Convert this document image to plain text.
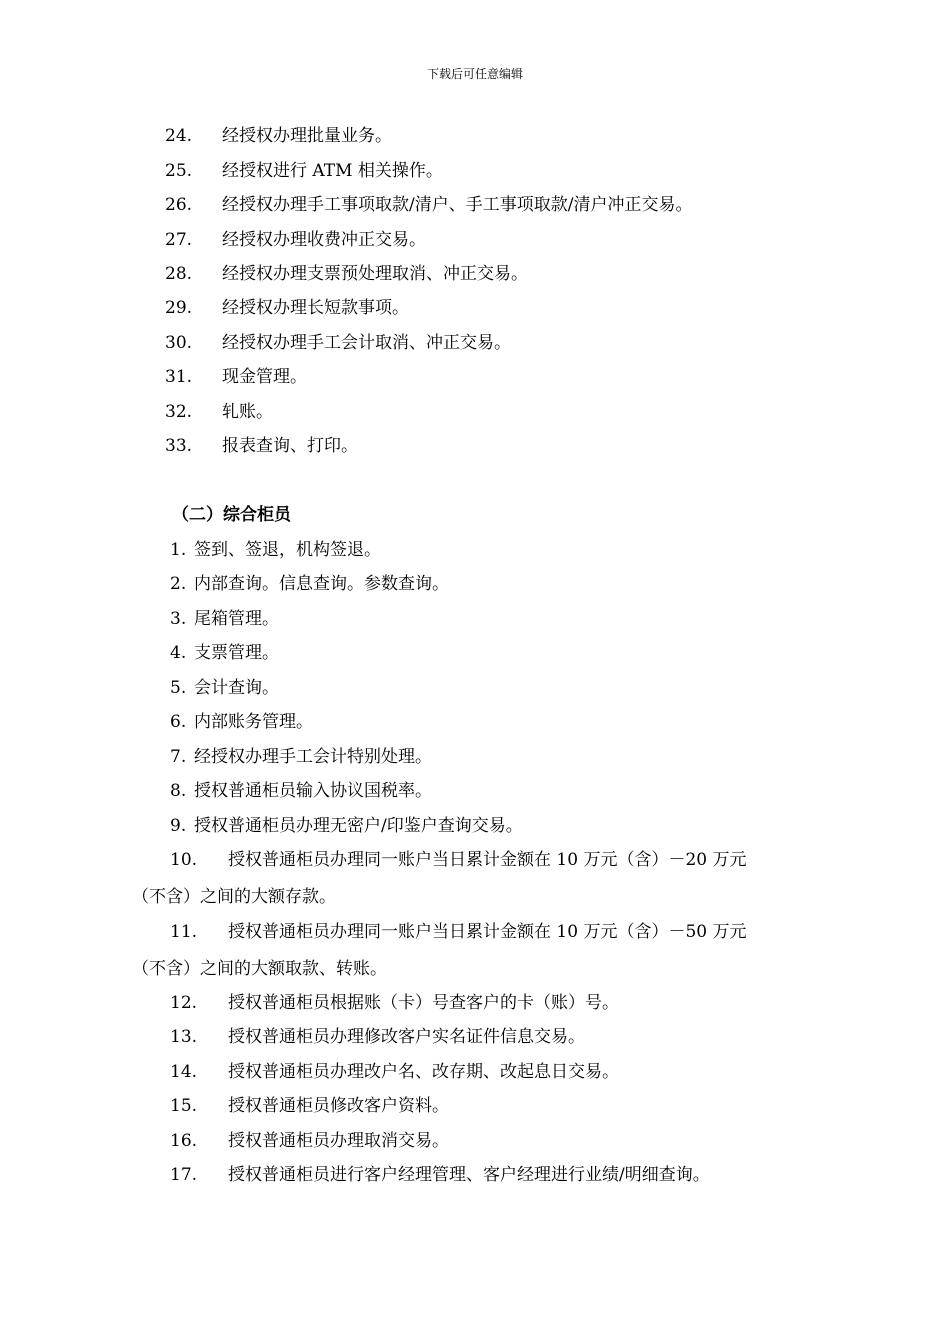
下载后可任意编辑
24. 经授权办理批量业务。
25. 经授权进行 ATM 相关操作。
26. 经授权办理手工事项取款/清户、手工事项取款/清户冲正交易。
27. 经授权办理收费冲正交易。
28. 经授权办理支票预处理取消、冲正交易。
29. 经授权办理长短款事项。
30. 经授权办理手工会计取消、冲正交易。
31. 现金管理。
32. 轧账。
33. 报表查询、打印。
（二）综合柜员
1. 签到、签退，机构签退。
2. 内部查询。信息查询。参数查询。
3. 尾箱管理。
4. 支票管理。
5. 会计查询。
6. 内部账务管理。
7. 经授权办理手工会计特别处理。
8. 授权普通柜员输入协议国税率。
9. 授权普通柜员办理无密户/印鉴户查询交易。
10. 授权普通柜员办理同一账户当日累计金额在 10 万元（含）－20 万元
（不含）之间的大额存款。
11. 授权普通柜员办理同一账户当日累计金额在 10 万元（含）－50 万元
（不含）之间的大额取款、转账。
12. 授权普通柜员根据账（卡）号查客户的卡（账）号。
13. 授权普通柜员办理修改客户实名证件信息交易。
14. 授权普通柜员办理改户名、改存期、改起息日交易。
15. 授权普通柜员修改客户资料。
16. 授权普通柜员办理取消交易。
17. 授权普通柜员进行客户经理管理、客户经理进行业绩/明细查询。
